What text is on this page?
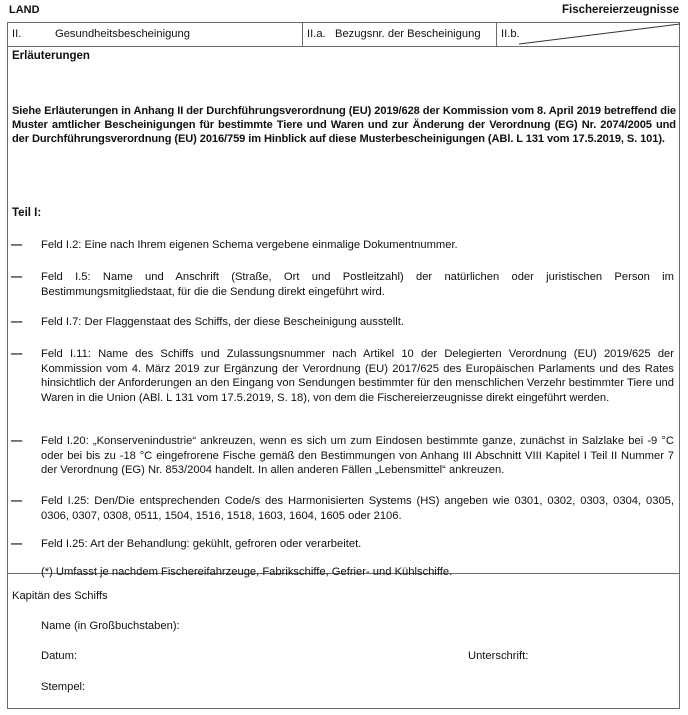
LAND	Fischereierzeugnisse
II.	Gesundheitsbescheinigung	II.a. Bezugsnr. der Bescheinigung II.b.
Erläuterungen
Siehe Erläuterungen in Anhang II der Durchführungsverordnung (EU) 2019/628 der Kommission vom 8. April 2019 betreffend die Muster amtlicher Bescheinigungen für bestimmte Tiere und Waren und zur Änderung der Verordnung (EG) Nr. 2074/2005 und der Durchführungsverordnung (EU) 2016/759 im Hinblick auf diese Musterbescheinigungen (ABl. L 131 vom 17.5.2019, S. 101).
Teil I:
— Feld I.2: Eine nach Ihrem eigenen Schema vergebene einmalige Dokumentnummer.
— Feld I.5: Name und Anschrift (Straße, Ort und Postleitzahl) der natürlichen oder juristischen Person im Bestimmungsmitgliedstaat, für die die Sendung direkt eingeführt wird.
— Feld I.7: Der Flaggenstaat des Schiffs, der diese Bescheinigung ausstellt.
— Feld I.11: Name des Schiffs und Zulassungsnummer nach Artikel 10 der Delegierten Verordnung (EU) 2019/625 der Kommission vom 4. März 2019 zur Ergänzung der Verordnung (EU) 2017/625 des Europäischen Parlaments und des Rates hinsichtlich der Anforderungen an den Eingang von Sendungen bestimmter für den menschlichen Verzehr bestimmter Tiere und Waren in die Union (ABl. L 131 vom 17.5.2019, S. 18), von dem die Fischereierzeugnisse direkt eingeführt werden.
— Feld I.20: „Konservenindustrie“ ankreuzen, wenn es sich um zum Eindosen bestimmte ganze, zunächst in Salzlake bei -9 °C oder bei bis zu -18 °C eingefrorene Fische gemäß den Bestimmungen von Anhang III Abschnitt VIII Kapitel I Teil II Nummer 7 der Verordnung (EG) Nr. 853/2004 handelt. In allen anderen Fällen „Lebensmittel“ ankreuzen.
— Feld I.25: Den/Die entsprechenden Code/s des Harmonisierten Systems (HS) angeben wie 0301, 0302, 0303, 0304, 0305, 0306, 0307, 0308, 0511, 1504, 1516, 1518, 1603, 1604, 1605 oder 2106.
— Feld I.25: Art der Behandlung: gekühlt, gefroren oder verarbeitet.
(*) Umfasst je nachdem Fischereifahrzeuge, Fabrikschiffe, Gefrier- und Kühlschiffe.
Kapitän des Schiffs
Name (in Großbuchstaben):
Datum:	Unterschrift:
Stempel:
